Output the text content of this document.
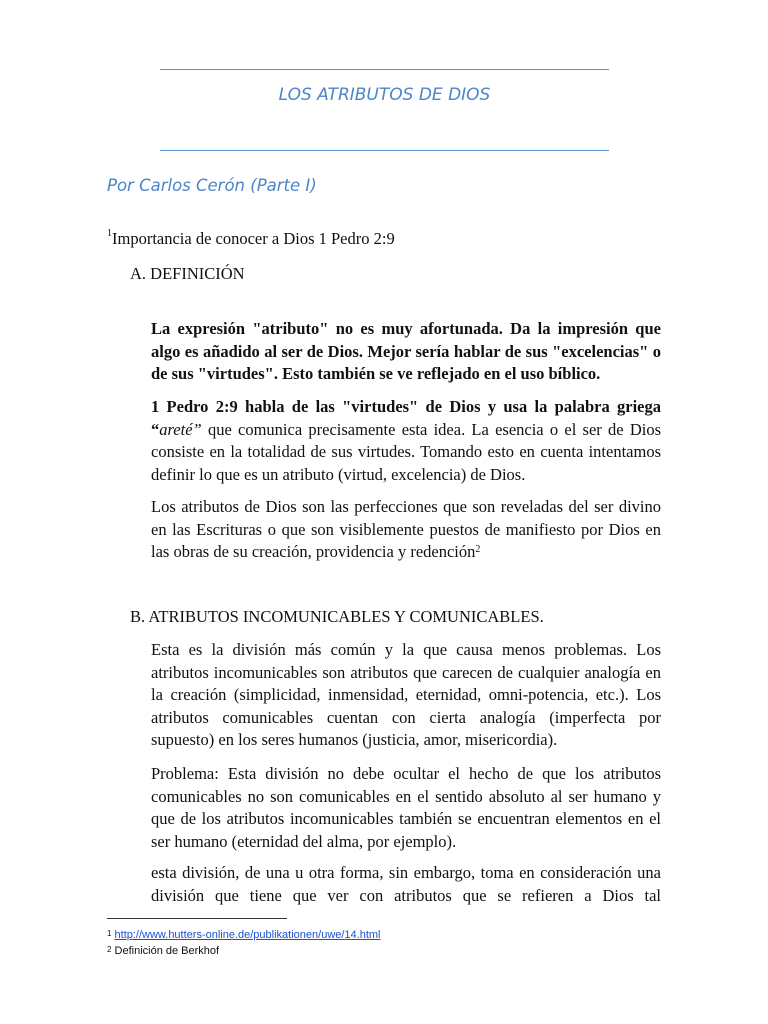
LOS ATRIBUTOS DE DIOS
Por Carlos Cerón (Parte I)
$^1$Importancia de conocer a Dios 1 Pedro 2:9
A. DEFINICIÓN

La expresión "atributo" no es muy afortunada. Da la impresión que algo es añadido al ser de Dios. Mejor sería hablar de sus "excelencias" o de sus "virtudes". Esto también se ve reflejado en el uso bíblico.

1 Pedro 2:9 habla de las "virtudes" de Dios y usa la palabra griega “areté” que comunica precisamente esta idea. La esencia o el ser de Dios consiste en la totalidad de sus virtudes. Tomando esto en cuenta intentamos definir lo que es un atributo (virtud, excelencia) de Dios.

Los atributos de Dios son las perfecciones que son reveladas del ser divino en las Escrituras o que son visiblemente puestos de manifiesto por Dios en las obras de su creación, providencia y redención$^2$

B. ATRIBUTOS INCOMUNICABLES Y COMUNICABLES.

Esta es la división más común y la que causa menos problemas. Los atributos incomunicables son atributos que carecen de cualquier analogía en la creación (simplicidad, inmensidad, eternidad, omni-potencia, etc.). Los atributos comunicables cuentan con cierta analogía (imperfecta por supuesto) en los seres humanos (justicia, amor, misericordia).

Problema: Esta división no debe ocultar el hecho de que los atributos comunicables no son comunicables en el sentido absoluto al ser humano y que de los atributos incomunicables también se encuentran elementos en el ser humano (eternidad del alma, por ejemplo).

esta división, de una u otra forma, sin embargo, toma en consideración una división que tiene que ver con atributos que se refieren a Dios tal

$^1$ http://www.hutters-online.de/publikationen/uwe/14.html
$^2$ Definición de Berkhof
